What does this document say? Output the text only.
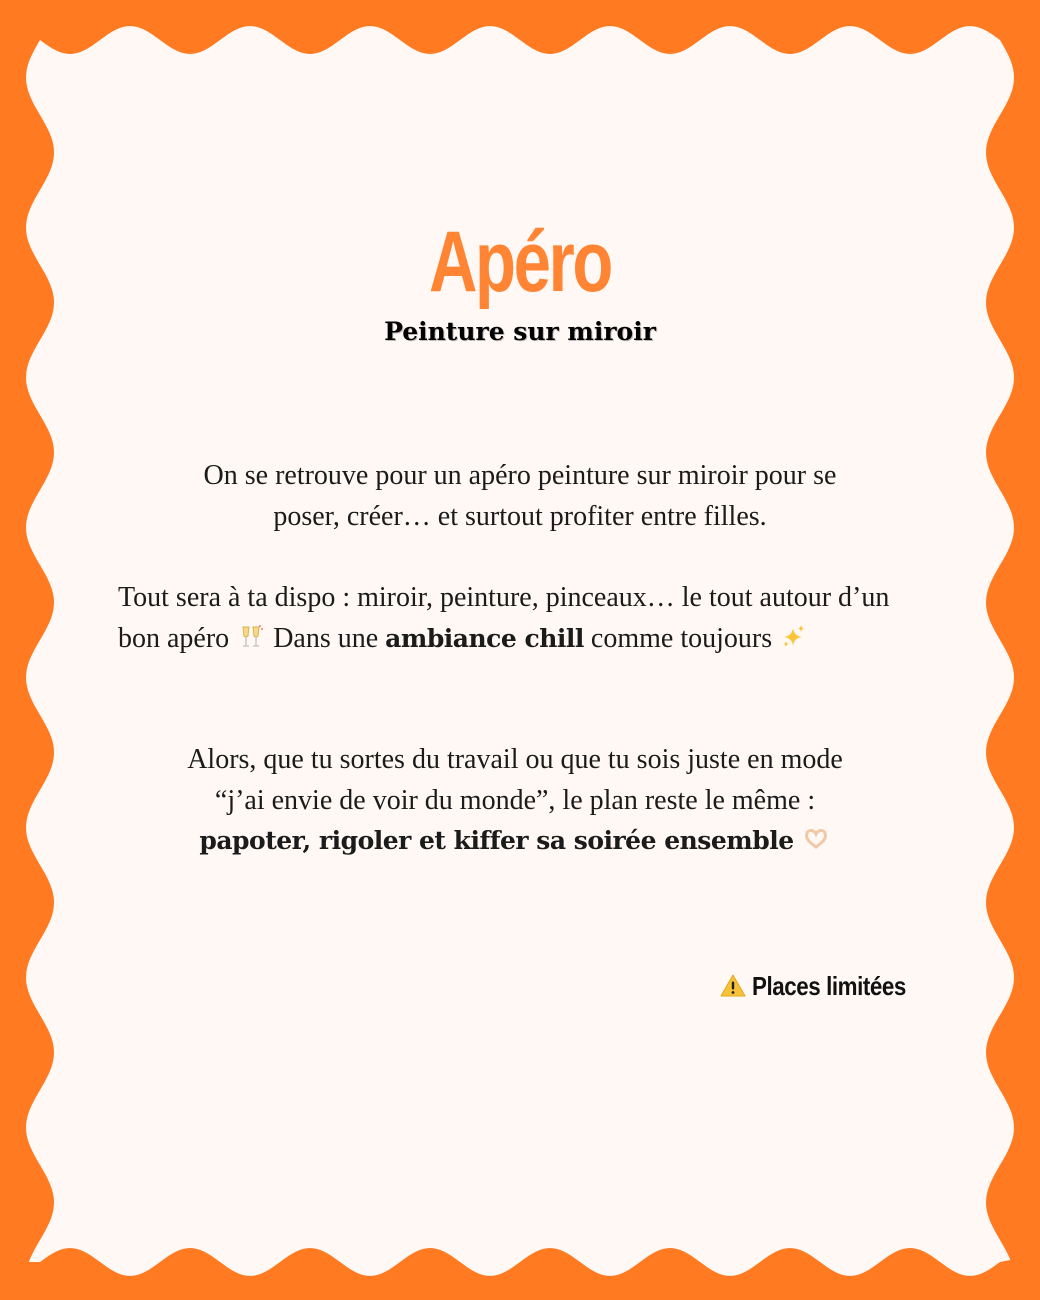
Apéro
Peinture sur miroir

On se retrouve pour un apéro peinture sur miroir pour se
poser, créer… et surtout profiter entre filles.

Tout sera à ta dispo : miroir, peinture, pinceaux… le tout autour d’un bon apéro Dans une ambiance chill comme toujours

Alors, que tu sortes du travail ou que tu sois juste en mode
“j’ai envie de voir du monde”, le plan reste le même :
papoter, rigoler et kiffer sa soirée ensemble

Places limitées
